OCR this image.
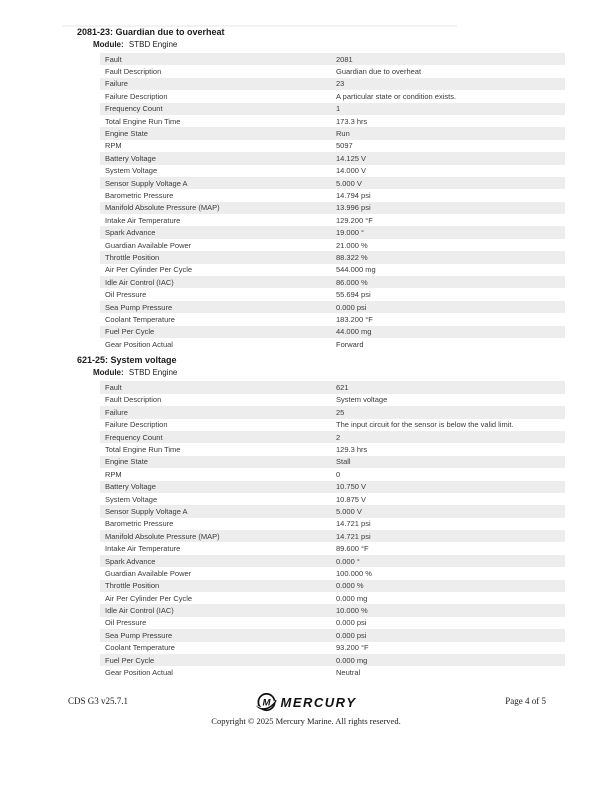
2081-23: Guardian due to overheat
Module: STBD Engine
Fault	2081
Fault Description	Guardian due to overheat
Failure	23
Failure Description	A particular state or condition exists.
Frequency Count	1
Total Engine Run Time	173.3 hrs
Engine State	Run
RPM	5097
Battery Voltage	14.125 V
System Voltage	14.000 V
Sensor Supply Voltage A	5.000 V
Barometric Pressure	14.794 psi
Manifold Absolute Pressure (MAP)	13.996 psi
Intake Air Temperature	129.200 °F
Spark Advance	19.000 °
Guardian Available Power	21.000 %
Throttle Position	88.322 %
Air Per Cylinder Per Cycle	544.000 mg
Idle Air Control (IAC)	86.000 %
Oil Pressure	55.694 psi
Sea Pump Pressure	0.000 psi
Coolant Temperature	183.200 °F
Fuel Per Cycle	44.000 mg
Gear Position Actual	Forward
621-25: System voltage
Module: STBD Engine
Fault	621
Fault Description	System voltage
Failure	25
Failure Description	The input circuit for the sensor is below the valid limit.
Frequency Count	2
Total Engine Run Time	129.3 hrs
Engine State	Stall
RPM	0
Battery Voltage	10.750 V
System Voltage	10.875 V
Sensor Supply Voltage A	5.000 V
Barometric Pressure	14.721 psi
Manifold Absolute Pressure (MAP)	14.721 psi
Intake Air Temperature	89.600 °F
Spark Advance	0.000 °
Guardian Available Power	100.000 %
Throttle Position	0.000 %
Air Per Cylinder Per Cycle	0.000 mg
Idle Air Control (IAC)	10.000 %
Oil Pressure	0.000 psi
Sea Pump Pressure	0.000 psi
Coolant Temperature	93.200 °F
Fuel Per Cycle	0.000 mg
Gear Position Actual	Neutral
CDS G3 v25.7.1	M MERCURY	Page 4 of 5
Copyright © 2025 Mercury Marine. All rights reserved.
